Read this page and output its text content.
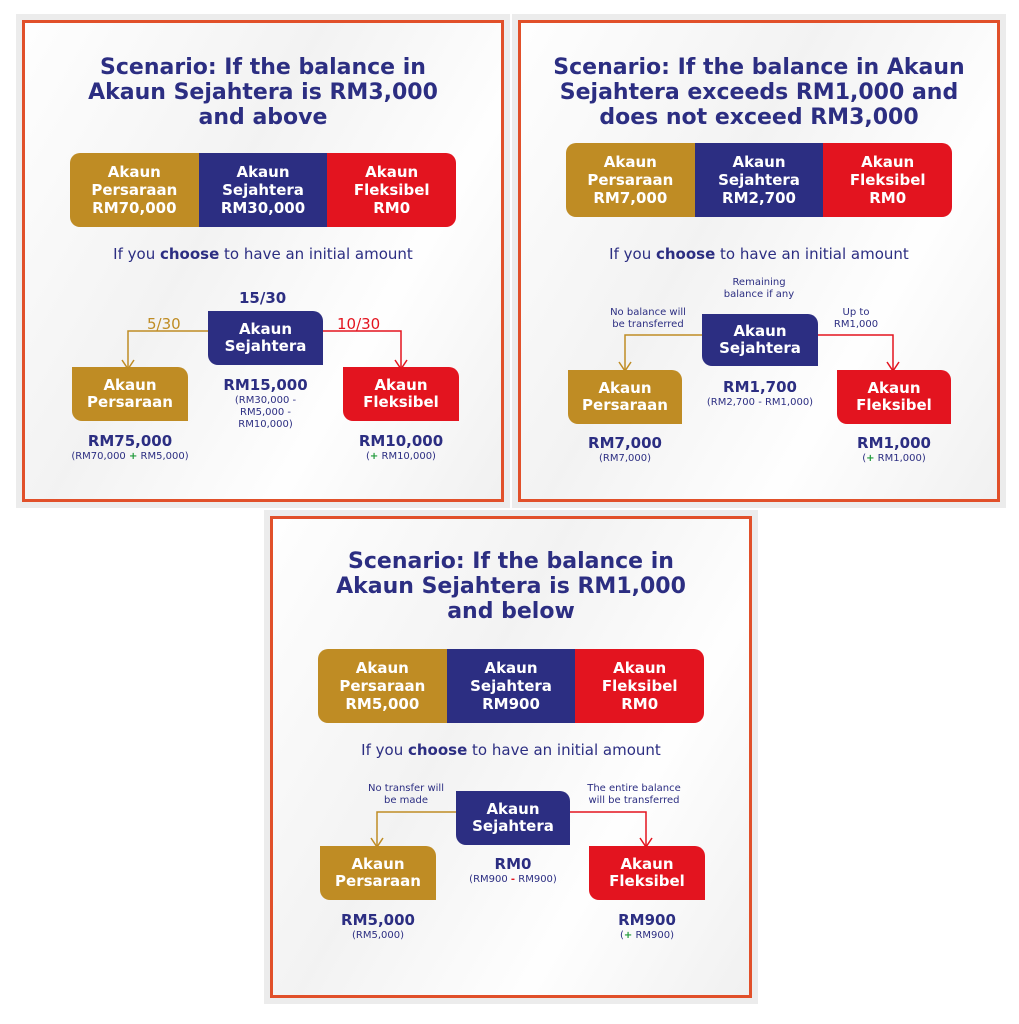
Scenario: If the balance in
Akaun Sejahtera is RM3,000
and above
Akaun
Persaraan
RM70,000
Akaun
Sejahtera
RM30,000
Akaun
Fleksibel
RM0
If you choose to have an initial amount
15/30
5/30	10/30
Akaun
Sejahtera
RM15,000
(RM30,000 -
RM5,000 -
RM10,000)
Akaun
Persaraan
RM75,000
(RM70,000 + RM5,000)
Akaun
Fleksibel
RM10,000
(+ RM10,000)
Scenario: If the balance in Akaun
Sejahtera exceeds RM1,000 and
does not exceed RM3,000
Akaun
Persaraan
RM7,000
Akaun
Sejahtera
RM2,700
Akaun
Fleksibel
RM0
If you choose to have an initial amount
Remaining
balance if any
No balance will
be transferred
Up to
RM1,000
Akaun
Sejahtera
RM1,700
(RM2,700 - RM1,000)
Akaun
Persaraan
RM7,000
(RM7,000)
Akaun
Fleksibel
RM1,000
(+ RM1,000)
Scenario: If the balance in
Akaun Sejahtera is RM1,000
and below
Akaun
Persaraan
RM5,000
Akaun
Sejahtera
RM900
Akaun
Fleksibel
RM0
If you choose to have an initial amount
No transfer will
be made
The entire balance
will be transferred
Akaun
Sejahtera
RM0
(RM900 - RM900)
Akaun
Persaraan
RM5,000
(RM5,000)
Akaun
Fleksibel
RM900
(+ RM900)
